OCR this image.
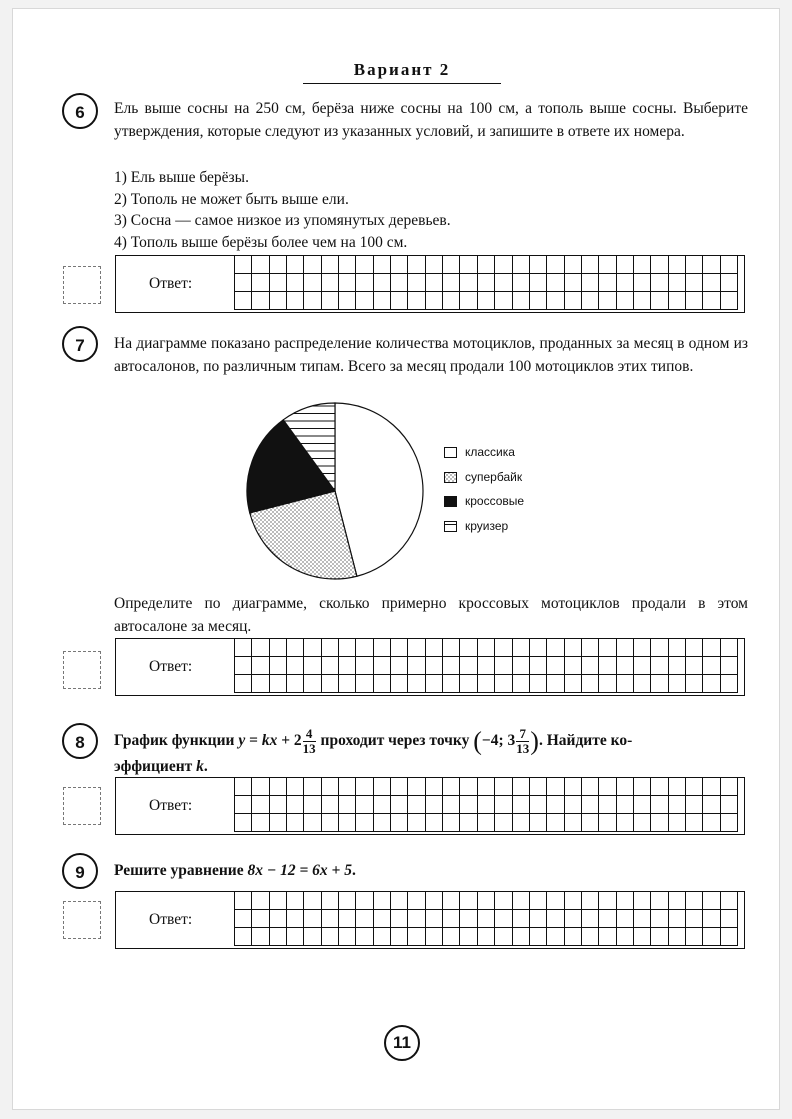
Вариант 2
6	Ель выше сосны на 250 см, берёза ниже сосны на 100 см, а тополь выше сосны. Выберите утверждения, которые следуют из указанных условий, и запишите в ответе их номера.

1) Ель выше берёзы.
2) Тополь не может быть выше ели.
3) Сосна — самое низкое из упомянутых деревьев.
4) Тополь выше берёзы более чем на 100 см.
Ответ:

7	На диаграмме показано распределение количества мотоциклов, проданных за месяц в одном из автосалонов, по различным типам. Всего за месяц продали 100 мотоциклов этих типов.

классика
супербайк
кроссовые
круизер

Определите по диаграмме, сколько примерно кроссовых мотоциклов продали в этом автосалоне за месяц.

Ответ:

8	График функции y = kx + $2 \frac{4}{13}$ проходит через точку (−4; $3 \frac{7}{13}$ ). Найдите ко-
эффициент k.
Ответ:

9	Решите уравнение 8x − 12 = 6x + 5.
Ответ:

11
